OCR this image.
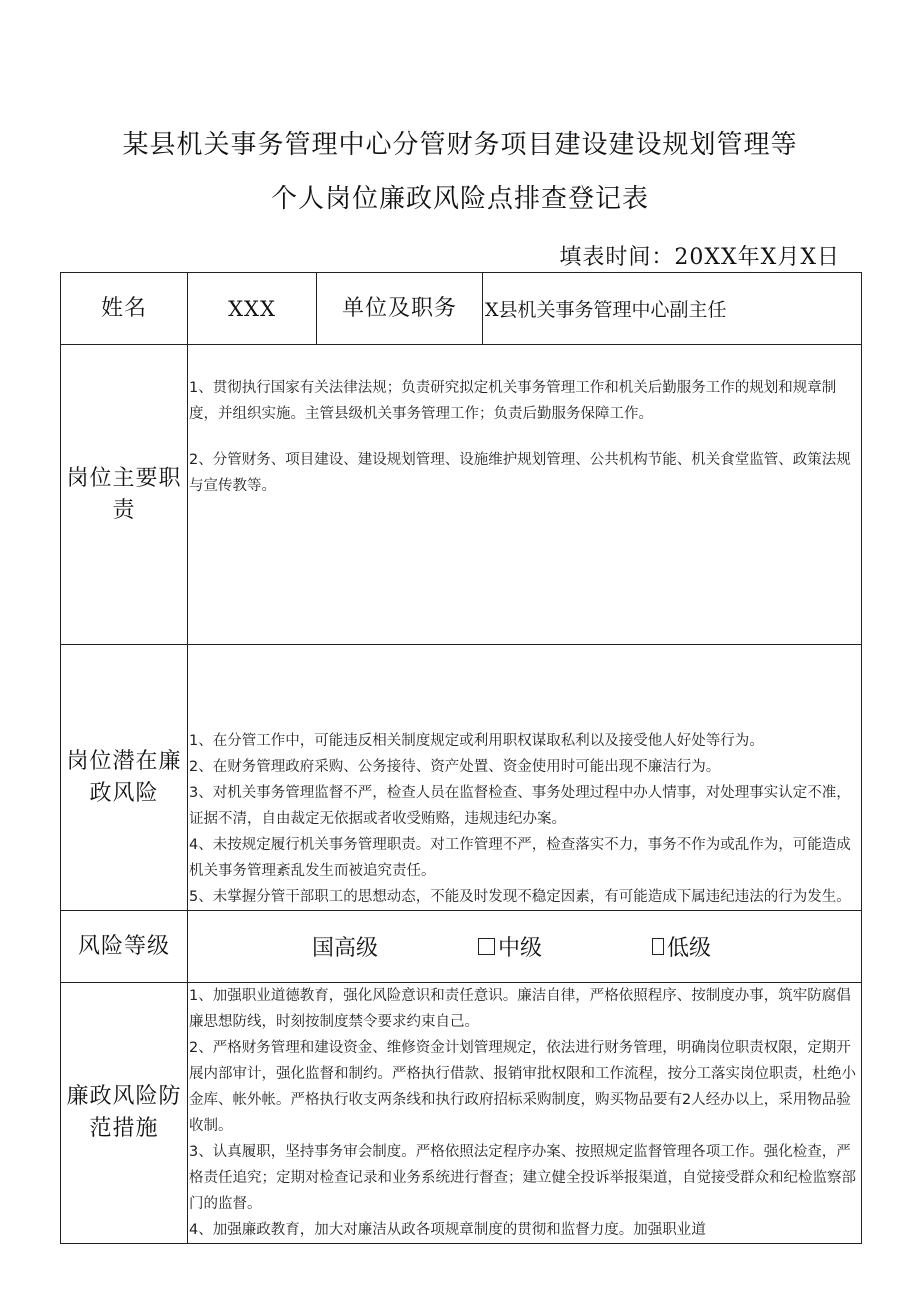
某县机关事务管理中心分管财务项目建设建设规划管理等
个人岗位廉政风险点排查登记表
填表时间：20XX年X月X日
姓名	XXX	单位及职务	X县机关事务管理中心副主任
岗位主要职责	1、贯彻执行国家有关法律法规；负责研究拟定机关事务管理工作和机关后勤服务工作的规划和规章制度，并组织实施。主管县级机关事务管理工作；负责后勤服务保障工作。

2、分管财务、项目建设、建设规划管理、设施维护规划管理、公共机构节能、机关食堂监管、政策法规与宣传教等。		

岗位潜在廉政风险	1、在分管工作中，可能违反相关制度规定或利用职权谋取私利以及接受他人好处等行为。

2、在财务管理政府采购、公务接待、资产处置、资金使用时可能出现不廉洁行为。

3、对机关事务管理监督不严，检查人员在监督检查、事务处理过程中办人情事，对处理事实认定不准，证据不清，自由裁定无依据或者收受贿赂，违规违纪办案。

4、未按规定履行机关事务管理职责。对工作管理不严，检查落实不力，事务不作为或乱作为，可能造成机关事务管理紊乱发生而被追究责任。

5、未掌握分管干部职工的思想动态，不能及时发现不稳定因素，有可能造成下属违纪违法的行为发生。		

风险等级	国高级 中级 低级		

廉政风险防范措施	1、加强职业道德教育，强化风险意识和责任意识。廉洁自律，严格依照程序、按制度办事，筑牢防腐倡廉思想防线，时刻按制度禁令要求约束自己。

2、严格财务管理和建设资金、维修资金计划管理规定，依法进行财务管理，明确岗位职责权限，定期开展内部审计，强化监督和制约。严格执行借款、报销审批权限和工作流程，按分工落实岗位职责，杜绝小金库、帐外帐。严格执行收支两条线和执行政府招标采购制度，购买物品要有2人经办以上，采用物品验收制。

3、认真履职，坚持事务审会制度。严格依照法定程序办案、按照规定监督管理各项工作。强化检查，严格责任追究；定期对检查记录和业务系统进行督查；建立健全投诉举报渠道，自觉接受群众和纪检监察部门的监督。

4、加强廉政教育，加大对廉洁从政各项规章制度的贯彻和监督力度。加强职业道		
